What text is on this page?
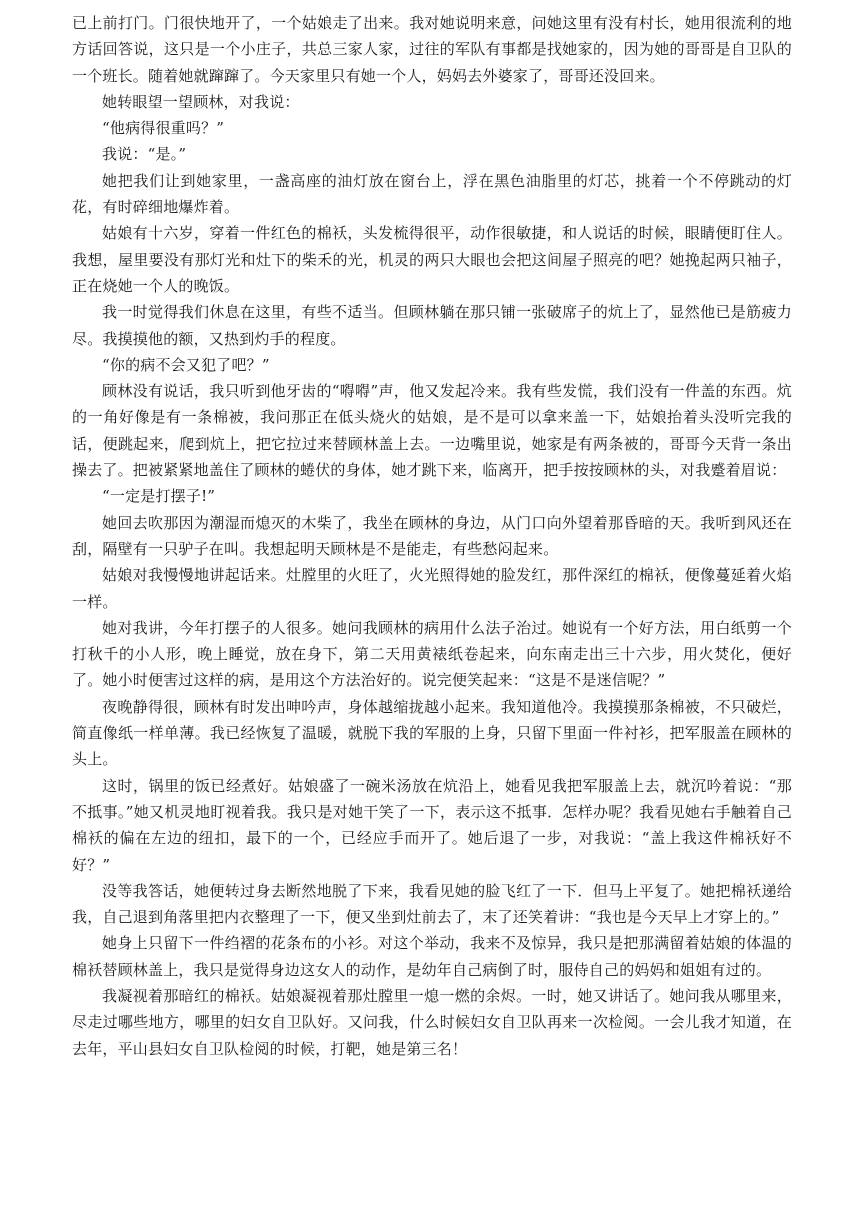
已上前打门。门很快地开了，一个姑娘走了出来。我对她说明来意，问她这里有没有村长，她用很流利的地方话回答说，这只是一个小庄子，共总三家人家，过往的军队有事都是找她家的，因为她的哥哥是自卫队的一个班长。随着她就蹿蹿了。今天家里只有她一个人，妈妈去外婆家了，哥哥还没回来。

她转眼望一望顾林，对我说：

“他病得很重吗？”

我说：“是。”

她把我们让到她家里，一盏高座的油灯放在窗台上，浮在黑色油脂里的灯芯，挑着一个不停跳动的灯花，有时碎细地爆炸着。

姑娘有十六岁，穿着一件红色的棉袄，头发梳得很平，动作很敏捷，和人说话的时候，眼睛便盯住人。我想，屋里要没有那灯光和灶下的柴禾的光，机灵的两只大眼也会把这间屋子照亮的吧？她挽起两只袖子，正在烧她一个人的晚饭。

我一时觉得我们休息在这里，有些不适当。但顾林躺在那只铺一张破席子的炕上了，显然他已是筋疲力尽。我摸摸他的额，又热到灼手的程度。

“你的病不会又犯了吧？”

顾林没有说话，我只听到他牙齿的“嘚嘚”声，他又发起冷来。我有些发慌，我们没有一件盖的东西。炕的一角好像是有一条棉被，我问那正在低头烧火的姑娘，是不是可以拿来盖一下，姑娘抬着头没听完我的话，便跳起来，爬到炕上，把它拉过来替顾林盖上去。一边嘴里说，她家是有两条被的，哥哥今天背一条出操去了。把被紧紧地盖住了顾林的蜷伏的身体，她才跳下来，临离开，把手按按顾林的头，对我蹙着眉说：

“一定是打摆子!”

她回去吹那因为潮湿而熄灭的木柴了，我坐在顾林的身边，从门口向外望着那昏暗的天。我听到风还在刮，隔壁有一只驴子在叫。我想起明天顾林是不是能走，有些愁闷起来。

姑娘对我慢慢地讲起话来。灶膛里的火旺了，火光照得她的脸发红，那件深红的棉袄，便像蔓延着火焰一样。

她对我讲，今年打摆子的人很多。她问我顾林的病用什么法子治过。她说有一个好方法，用白纸剪一个打秋千的小人形，晚上睡觉，放在身下，第二天用黄裱纸卷起来，向东南走出三十六步，用火焚化，便好了。她小时便害过这样的病，是用这个方法治好的。说完便笑起来：“这是不是迷信呢？”

夜晚静得很，顾林有时发出呻吟声，身体越缩拢越小起来。我知道他冷。我摸摸那条棉被，不只破烂，简直像纸一样单薄。我已经恢复了温暖，就脱下我的军服的上身，只留下里面一件衬衫，把军服盖在顾林的头上。

这时，锅里的饭已经煮好。姑娘盛了一碗米汤放在炕沿上，她看见我把军服盖上去，就沉吟着说：“那不抵事。”她又机灵地盯视着我。我只是对她干笑了一下，表示这不抵事．怎样办呢？我看见她右手触着自己棉袄的偏在左边的纽扣，最下的一个，已经应手而开了。她后退了一步，对我说：“盖上我这件棉袄好不好？”

没等我答话，她便转过身去断然地脱了下来，我看见她的脸飞红了一下．但马上平复了。她把棉袄递给我，自己退到角落里把内衣整理了一下，便又坐到灶前去了，末了还笑着讲：“我也是今天早上才穿上的。”

她身上只留下一件绉褶的花条布的小衫。对这个举动，我来不及惊异，我只是把那满留着姑娘的体温的棉袄替顾林盖上，我只是觉得身边这女人的动作，是幼年自己病倒了时，服侍自己的妈妈和姐姐有过的。

我凝视着那暗红的棉袄。姑娘凝视着那灶膛里一熄一燃的余烬。一时，她又讲话了。她问我从哪里来，尽走过哪些地方，哪里的妇女自卫队好。又问我，什么时候妇女自卫队再来一次检阅。一会儿我才知道，在去年，平山县妇女自卫队检阅的时候，打靶，她是第三名！
